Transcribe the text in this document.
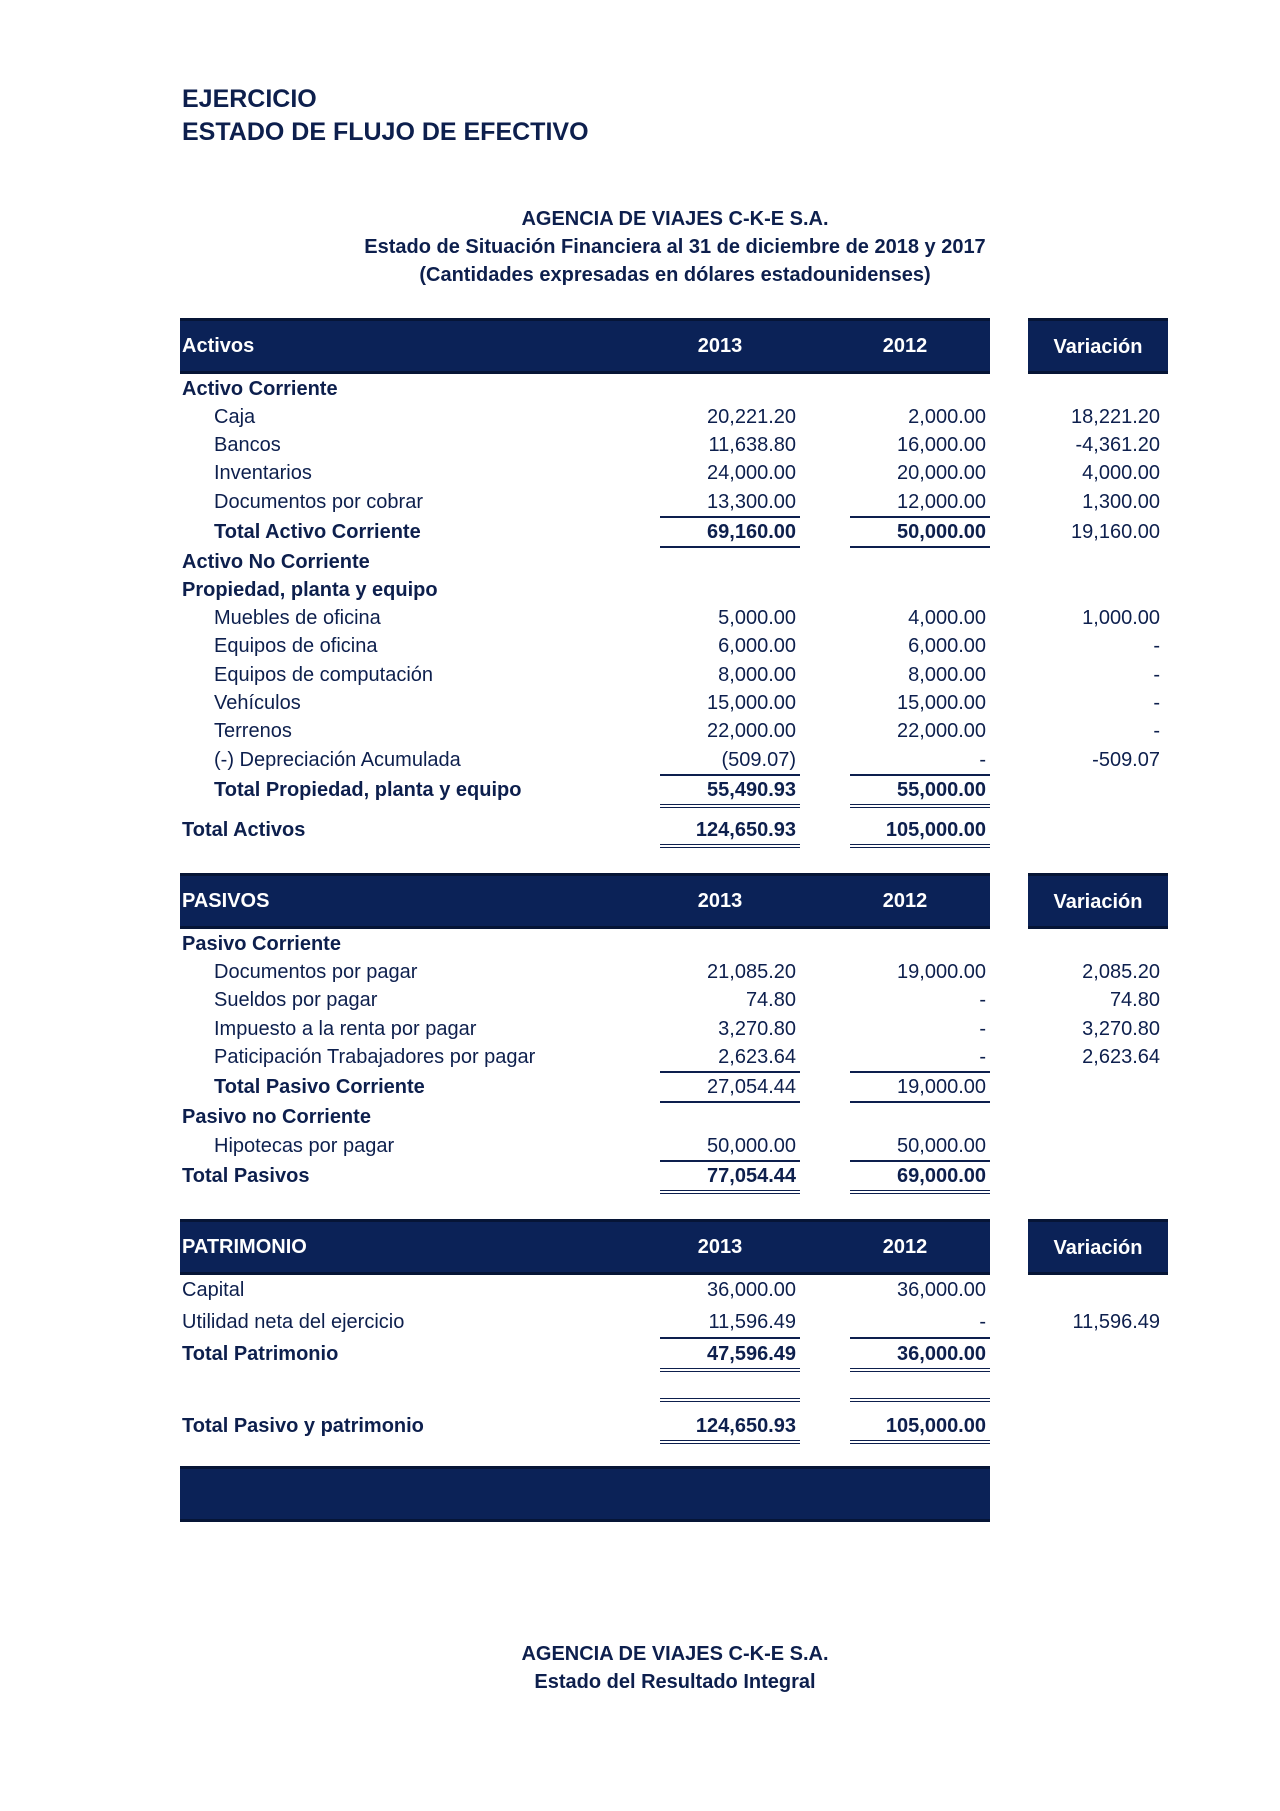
EJERCICIO
ESTADO DE FLUJO DE EFECTIVO
AGENCIA DE VIAJES C-K-E S.A.
Estado de Situación Financiera al 31 de diciembre de 2018 y 2017
(Cantidades expresadas en dólares estadounidenses)
Activos	2013	2012	Variación
Activo Corriente
Caja	20,221.20	2,000.00	18,221.20
Bancos	11,638.80	16,000.00	-4,361.20
Inventarios	24,000.00	20,000.00	4,000.00
Documentos por cobrar	13,300.00	12,000.00	1,300.00
Total Activo Corriente	69,160.00	50,000.00	19,160.00
Activo No Corriente
Propiedad, planta y equipo
Muebles de oficina	5,000.00	4,000.00	1,000.00
Equipos de oficina	6,000.00	6,000.00	-
Equipos de computación	8,000.00	8,000.00	-
Vehículos	15,000.00	15,000.00	-
Terrenos	22,000.00	22,000.00	-
(-) Depreciación Acumulada	(509.07)	-	-509.07
Total Propiedad, planta y equipo	55,490.93	55,000.00
Total Activos	124,650.93	105,000.00
PASIVOS	2013	2012	Variación
Pasivo Corriente
Documentos por pagar	21,085.20	19,000.00	2,085.20
Sueldos por pagar	74.80	-	74.80
Impuesto a la renta por pagar	3,270.80	-	3,270.80
Paticipación Trabajadores por pagar	2,623.64	-	2,623.64
Total Pasivo Corriente	27,054.44	19,000.00
Pasivo no Corriente
Hipotecas por pagar	50,000.00	50,000.00
Total Pasivos	77,054.44	69,000.00
PATRIMONIO	2013	2012	Variación
Capital	36,000.00	36,000.00
Utilidad neta del ejercicio	11,596.49	-	11,596.49
Total Patrimonio	47,596.49	36,000.00
Total Pasivo y patrimonio	124,650.93	105,000.00
AGENCIA DE VIAJES C-K-E S.A.
Estado del Resultado Integral
